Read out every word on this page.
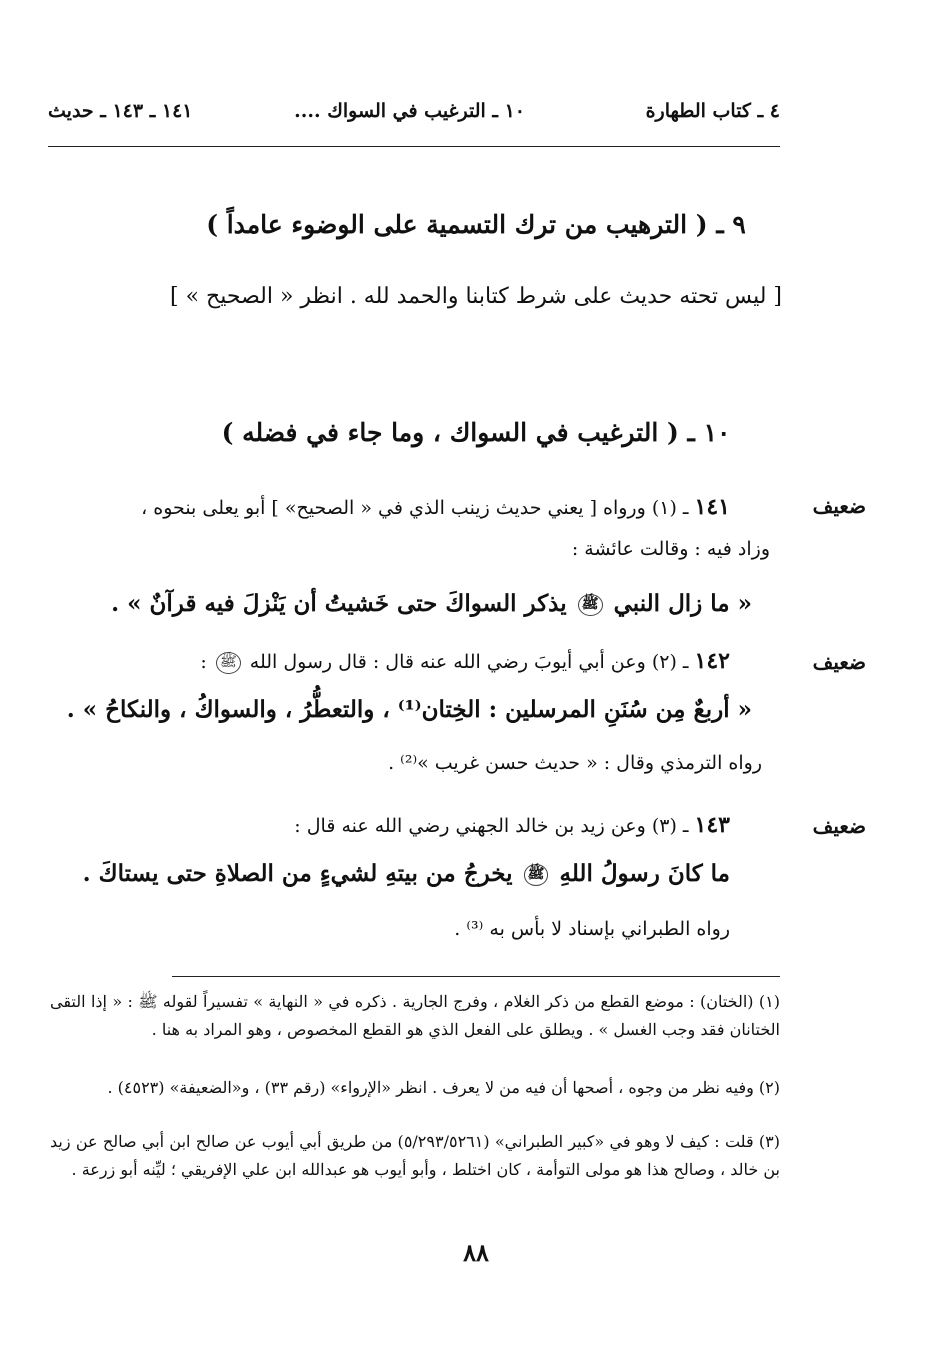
٤ ـ كتاب الطهارة
١٠ ـ الترغيب في السواك ....
١٤١ ـ ١٤٣ ـ حديث
٩ ـ ( الترهيب من ترك التسمية على الوضوء عامداً )
[ ليس تحته حديث على شرط كتابنا والحمد لله . انظر « الصحيح » ]
١٠ ـ ( الترغيب في السواك ، وما جاء في فضله )
ضعيف
١٤١ ـ (١) ورواه [ يعني حديث زينب الذي في « الصحيح» ] أبو يعلى بنحوه ،
وزاد فيه : وقالت عائشة :
« ما زال النبي ﷺ يذكر السواكَ حتى خَشيتُ أن يَنْزلَ فيه قرآنٌ » .
ضعيف
١٤٢ ـ (٢) وعن أبي أيوبَ رضي الله عنه قال : قال رسول الله ﷺ :
« أربعٌ مِن سُنَنِ المرسلين : الخِتان⁽¹⁾ ، والتعطُّرُ ، والسواكُ ، والنكاحُ » .
رواه الترمذي وقال : « حديث حسن غريب »⁽²⁾ .
ضعيف
١٤٣ ـ (٣) وعن زيد بن خالد الجهني رضي الله عنه قال :
ما كانَ رسولُ اللهِ ﷺ يخرجُ من بيتهِ لشيءٍ من الصلاةِ حتى يستاكَ .
رواه الطبراني بإسناد لا بأس به ⁽³⁾ .
(١) (الختان) : موضع القطع من ذكر الغلام ، وفرج الجارية . ذكره في « النهاية » تفسيراً لقوله ﷺ : « إذا التقى الختانان فقد وجب الغسل » . ويطلق على الفعل الذي هو القطع المخصوص ، وهو المراد به هنا .
(٢) وفيه نظر من وجوه ، أصحها أن فيه من لا يعرف . انظر «الإرواء» (رقم ٣٣) ، و«الضعيفة» (٤٥٢٣) .
(٣) قلت : كيف لا وهو في «كبير الطبراني» (٥/٢٩٣/٥٢٦١) من طريق أبي أيوب عن صالح ابن أبي صالح عن زيد بن خالد ، وصالح هذا هو مولى التوأمة ، كان اختلط ، وأبو أيوب هو عبدالله ابن علي الإفريقي ؛ ليِّنه أبو زرعة .
٨٨
